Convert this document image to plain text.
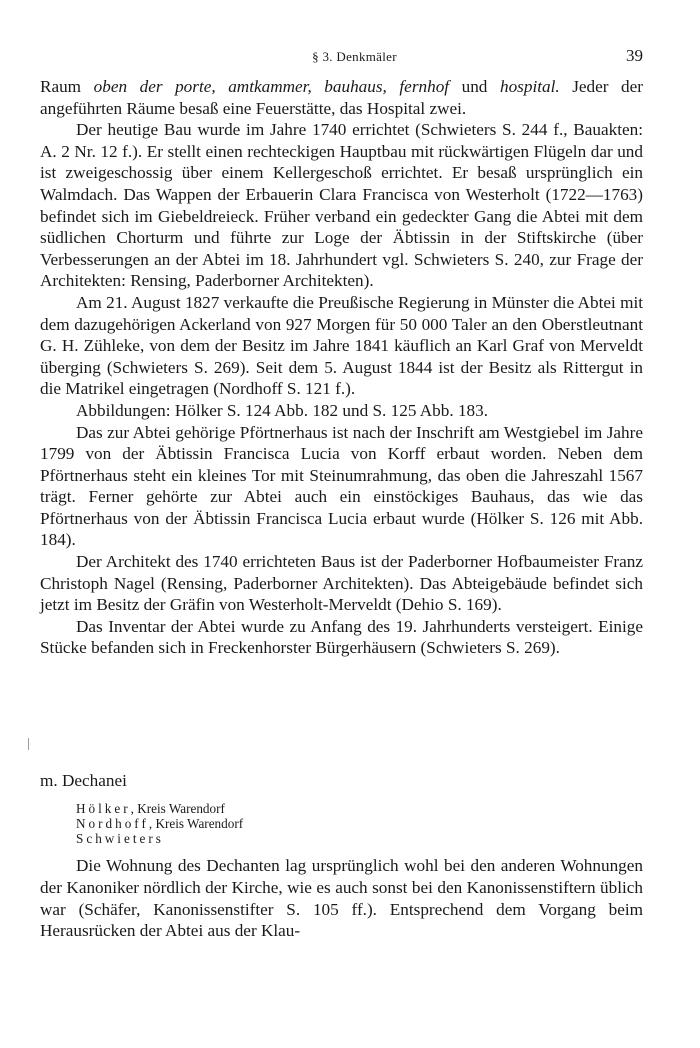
§ 3. Denkmäler	39

Raum oben der porte, amtkammer, bauhaus, fernhof und hospital. Jeder der angeführten Räume besaß eine Feuerstätte, das Hospital zwei.

Der heutige Bau wurde im Jahre 1740 errichtet (Schwieters S. 244 f., Bauakten: A. 2 Nr. 12 f.). Er stellt einen rechteckigen Hauptbau mit rückwärtigen Flügeln dar und ist zweigeschossig über einem Kellergeschoß errichtet. Er besaß ursprünglich ein Walmdach. Das Wappen der Erbauerin Clara Francisca von Westerholt (1722—1763) befindet sich im Giebeldreieck. Früher verband ein gedeckter Gang die Abtei mit dem südlichen Chorturm und führte zur Loge der Äbtissin in der Stiftskirche (über Verbesserungen an der Abtei im 18. Jahrhundert vgl. Schwieters S. 240, zur Frage der Architekten: Rensing, Paderborner Architekten).

Am 21. August 1827 verkaufte die Preußische Regierung in Münster die Abtei mit dem dazugehörigen Ackerland von 927 Morgen für 50 000 Taler an den Oberstleutnant G. H. Zühleke, von dem der Besitz im Jahre 1841 käuflich an Karl Graf von Merveldt überging (Schwieters S. 269). Seit dem 5. August 1844 ist der Besitz als Rittergut in die Matrikel eingetragen (Nordhoff S. 121 f.).

Abbildungen: Hölker S. 124 Abb. 182 und S. 125 Abb. 183.

Das zur Abtei gehörige Pförtnerhaus ist nach der Inschrift am Westgiebel im Jahre 1799 von der Äbtissin Francisca Lucia von Korff erbaut worden. Neben dem Pförtnerhaus steht ein kleines Tor mit Steinumrahmung, das oben die Jahreszahl 1567 trägt. Ferner gehörte zur Abtei auch ein einstöckiges Bauhaus, das wie das Pförtnerhaus von der Äbtissin Francisca Lucia erbaut wurde (Hölker S. 126 mit Abb. 184).

Der Architekt des 1740 errichteten Baus ist der Paderborner Hofbaumeister Franz Christoph Nagel (Rensing, Paderborner Architekten). Das Abteigebäude befindet sich jetzt im Besitz der Gräfin von Westerholt-Merveldt (Dehio S. 169).

Das Inventar der Abtei wurde zu Anfang des 19. Jahrhunderts versteigert. Einige Stücke befanden sich in Freckenhorster Bürgerhäusern (Schwieters S. 269).

m. Dechanei
Hölker, Kreis Warendorf
Nordhoff, Kreis Warendorf
Schwieters

Die Wohnung des Dechanten lag ursprünglich wohl bei den anderen Wohnungen der Kanoniker nördlich der Kirche, wie es auch sonst bei den Kanonissenstiftern üblich war (Schäfer, Kanonissenstifter S. 105 ff.). Entsprechend dem Vorgang beim Herausrücken der Abtei aus der Klau-
